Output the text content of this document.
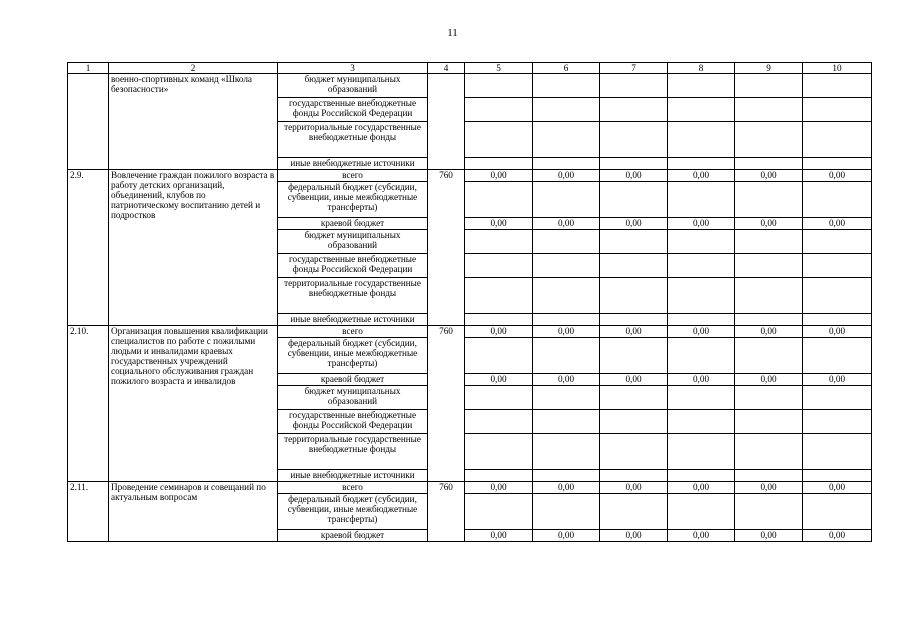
11
1	2	3	4	5	6	7	8	9	10
	военно-спортивных команд «Школа безопасности»	бюджет муниципальных образований							
		государственные внебюджетные фонды Российской Федерации							
		территориальные государственные внебюджетные фонды							
		иные внебюджетные источники							
2.9.	Вовлечение граждан пожилого возраста в работу детских организаций, объединений, клубов по патриотическому воспитанию детей и подростков	всего	760	0,00	0,00	0,00	0,00	0,00	0,00
		федеральный бюджет (субсидии, субвенции, иные межбюджетные трансферты)							
		краевой бюджет		0,00	0,00	0,00	0,00	0,00	0,00
		бюджет муниципальных образований							
		государственные внебюджетные фонды Российской Федерации							
		территориальные государственные внебюджетные фонды							
		иные внебюджетные источники							
2.10.	Организация повышения квалификации специалистов по работе с пожилыми людьми и инвалидами краевых государственных учреждений социального обслуживания граждан пожилого возраста и инвалидов	всего	760	0,00	0,00	0,00	0,00	0,00	0,00
		федеральный бюджет (субсидии, субвенции, иные межбюджетные трансферты)							
		краевой бюджет		0,00	0,00	0,00	0,00	0,00	0,00
		бюджет муниципальных образований							
		государственные внебюджетные фонды Российской Федерации							
		территориальные государственные внебюджетные фонды							
		иные внебюджетные источники							
2.11.	Проведение семинаров и совещаний по актуальным вопросам	всего	760	0,00	0,00	0,00	0,00	0,00	0,00
		федеральный бюджет (субсидии, субвенции, иные межбюджетные трансферты)							
		краевой бюджет		0,00	0,00	0,00	0,00	0,00	0,00
